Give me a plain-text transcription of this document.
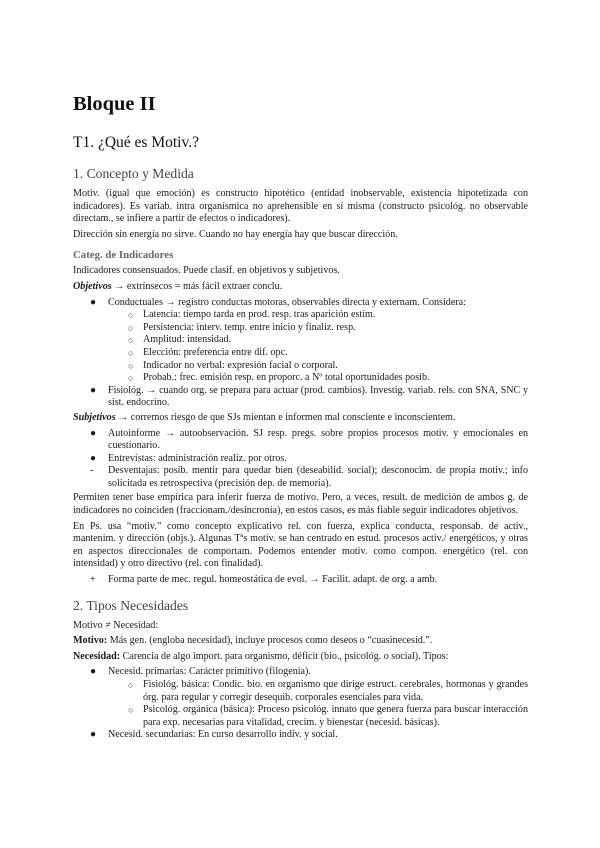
Bloque II
T1. ¿Qué es Motiv.?
1. Concepto y Medida

Motiv. (igual que emoción) es constructo hipotético (entidad inobservable, existencia hipotetizada con indicadores). Es variab. intra organísmica no aprehensible en sí misma (constructo psicológ. no observable directam., se infiere a partir de efectos o indicadores).

Dirección sin energía no sirve. Cuando no hay energía hay que buscar dirección.

Categ. de Indicadores

Indicadores consensuados. Puede clasif. en objetivos y subjetivos.

Objetivos → extrínsecos = más fácil extraer conclu.

● Conductuales → registro conductas motoras, observables directa y externam. Considera:
○ Latencia: tiempo tarda en prod. resp. tras aparición estím.
○ Persistencia: interv. temp. entre inicio y finaliz. resp.
○ Amplitud: intensidad.
○ Elección: preferencia entre dif. opc.
○ Indicador no verbal: expresión facial o corporal.
○ Probab.: frec. emisión resp. en proporc. a Nº total oportunidades posib.
● Fisiológ. → cuando org. se prepara para actuar (prod. cambios). Investig. variab. rels. con SNA, SNC y sist. endocrino.

Subjetivos → corremos riesgo de que SJs mientan e informen mal consciente e inconscientem.

● Autoinforme → autoobservación. SJ resp. pregs. sobre propios procesos motiv. y emocionales en cuestionario.
● Entrevistas: administración realiz. por otros.
- Desventajas: posib. mentir para quedar bien (deseabilid. social); desconocim. de propia motiv.; info solicitada es retrospectiva (precisión dep. de memoria).

Permiten tener base empírica para inferir fuerza de motivo. Pero, a veces, result. de medición de ambos g. de indicadores no coinciden (fraccionam./desincronía), en estos casos, es más fiable seguir indicadores objetivos.

En Ps. usa “motiv.” como concepto explicativo rel. con fuerza, explica conducta, responsab. de activ., mantenim. y dirección (objs.). Algunas Tªs motiv. se han centrado en estud. procesos activ./ energéticos, y otras en aspectos direccionales de comportam. Podemos entender motiv. como compon. energético (rel. con intensidad) y otro directivo (rel. con finalidad).

+ Forma parte de mec. regul. homeostática de evol. → Facilit. adapt. de org. a amb.
2. Tipos Necesidades

Motivo ≠ Necesidad:

Motivo: Más gen. (engloba necesidad), incluye procesos como deseos o “cuasinecesid.”.

Necesidad: Carencia de algo import. para organismo, déficit (bio., psicológ. o social). Tipos:

● Necesid. primarias: Carácter primitivo (filogenia).
○ Fisiológ. básica: Condic. bio. en organismo que dirige estruct. cerebrales, hormonas y grandes órg. para regular y corregir desequib. corporales esenciales para vida.
○ Psicológ. orgánica (básica): Proceso psicológ. innato que genera fuerza para buscar interacción para exp. necesarias para vitalidad, crecim. y bienestar (necesid. básicas).
● Necesid. secundarias: En curso desarrollo indiv. y social.
